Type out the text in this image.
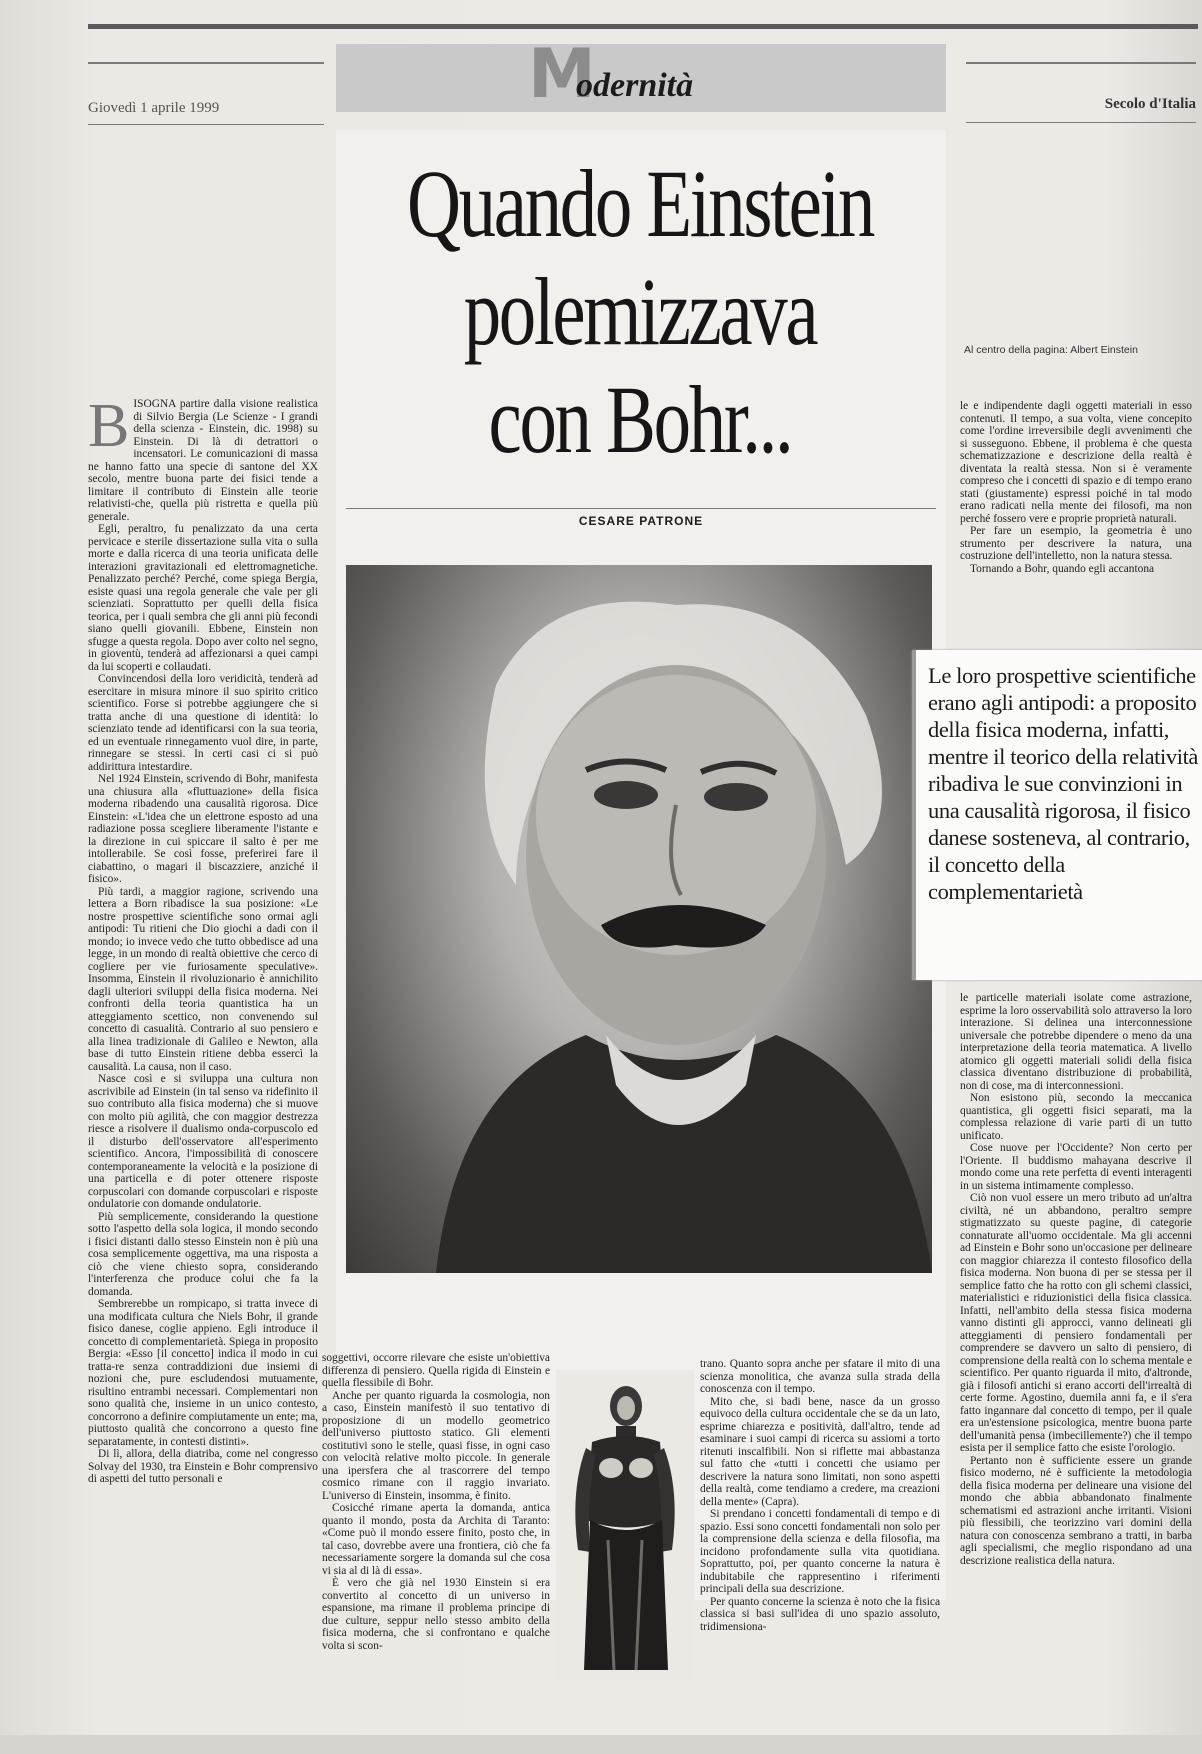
Giovedì 1 aprile 1999	Secolo d'Italia
M
odernità
Quando Einstein
polemizzava
con Bohr...
CESARE PATRONE
Al centro della pagina: Albert Einstein
B ISOGNA partire dalla visione realistica di Silvio Bergia (Le Scienze - I grandi della scienza - Einstein, dic. 1998) su Einstein. Di là di detrattori o incensatori. Le comunicazioni di massa ne hanno fatto una specie di santone del XX secolo, mentre buona parte dei fisici tende a limitare il contributo di Einstein alle teorie relativisti-che, quella più ristretta e quella più generale.

Egli, peraltro, fu penalizzato da una certa pervicace e sterile dissertazione sulla vita o sulla morte e dalla ricerca di una teoria unificata delle interazioni gravitazionali ed elettromagnetiche. Penalizzato perché? Perché, come spiega Bergia, esiste quasi una regola generale che vale per gli scienziati. Soprattutto per quelli della fisica teorica, per i quali sembra che gli anni più fecondi siano quelli giovanili. Ebbene, Einstein non sfugge a questa regola. Dopo aver colto nel segno, in gioventù, tenderà ad affezionarsi a quei campi da lui scoperti e collaudati.

Convincendosi della loro veridicità, tenderà ad esercitare in misura minore il suo spirito critico scientifico. Forse si potrebbe aggiungere che si tratta anche di una questione di identità: lo scienziato tende ad identificarsi con la sua teoria, ed un eventuale rinnegamento vuol dire, in parte, rinnegare se stessi. In certi casi ci si può addirittura intestardire.

Nel 1924 Einstein, scrivendo di Bohr, manifesta una chiusura alla «fluttuazione» della fisica moderna ribadendo una causalità rigorosa. Dice Einstein: «L'idea che un elettrone esposto ad una radiazione possa scegliere liberamente l'istante e la direzione in cui spiccare il salto è per me intollerabile. Se così fosse, preferirei fare il ciabattino, o magari il biscazziere, anziché il fisico».

Più tardi, a maggior ragione, scrivendo una lettera a Born ribadisce la sua posizione: «Le nostre prospettive scientifiche sono ormai agli antipodi: Tu ritieni che Dio giochi a dadi con il mondo; io invece vedo che tutto obbedisce ad una legge, in un mondo di realtà obiettive che cerco di cogliere per vie furiosamente speculative». Insomma, Einstein il rivoluzionario è annichilito dagli ulteriori sviluppi della fisica moderna. Nei confronti della teoria quantistica ha un atteggiamento scettico, non convenendo sul concetto di casualità. Contrario al suo pensiero e alla linea tradizionale di Galileo e Newton, alla base di tutto Einstein ritiene debba essercì la causalità. La causa, non il caso.

Nasce così e si sviluppa una cultura non ascrivibile ad Einstein (in tal senso va ridefinito il suo contributo alla fisica moderna) che si muove con molto più agilità, che con maggior destrezza riesce a risolvere il dualismo onda-corpuscolo ed il disturbo dell'osservatore all'esperimento scientifico. Ancora, l'impossibilità di conoscere contemporaneamente la velocità e la posizione di una particella e di poter ottenere risposte corpuscolari con domande corpuscolari e risposte ondulatorie con domande ondulatorie.

Più semplicemente, considerando la questione sotto l'aspetto della sola logica, il mondo secondo i fisici distanti dallo stesso Einstein non è più una cosa semplicemente oggettiva, ma una risposta a ciò che viene chiesto sopra, considerando l'interferenza che produce colui che fa la domanda.

Sembrerebbe un rompicapo, si tratta invece di una modificata cultura che Niels Bohr, il grande fisico danese, coglie appieno. Egli introduce il concetto di complementarietà. Spiega in proposito Bergia: «Esso [il concetto] indica il modo in cui tratta-re senza contraddizioni due insiemi di nozioni che, pure escludendosi mutuamente, risultino entrambi necessari. Complementari non sono qualità che, insieme in un unico contesto, concorrono a definire compiutamente un ente; ma, piuttosto qualità che concorrono a questo fine separatamente, in contesti distinti».

Di lì, allora, della diatriba, come nel congresso Solvay del 1930, tra Einstein e Bohr comprensivo di aspetti del tutto personali e

le e indipendente dagli oggetti materiali in esso contenuti. Il tempo, a sua volta, viene concepito come l'ordine irreversibile degli avvenimenti che si susseguono. Ebbene, il problema è che questa schematizzazione e descrizione della realtà è diventata la realtà stessa. Non si è veramente compreso che i concetti di spazio e di tempo erano stati (giustamente) espressi poiché in tal modo erano radicati nella mente dei filosofi, ma non perché fossero vere e proprie proprietà naturali.

Per fare un esempio, la geometria è uno strumento per descrivere la natura, una costruzione dell'intelletto, non la natura stessa.

Tornando a Bohr, quando egli accantona

Le loro prospettive scientifiche erano agli antipodi: a proposito della fisica moderna, infatti, mentre il teorico della relatività ribadiva le sue convinzioni in una causalità rigorosa, il fisico danese sosteneva, al contrario, il concetto della complementarietà

le particelle materiali isolate come astrazione, esprime la loro osservabilità solo attraverso la loro interazione. Si delinea una interconnessione universale che potrebbe dipendere o meno da una interpretazione della teoria matematica. A livello atomico gli oggetti materiali solidi della fisica classica diventano distribuzione di probabilità, non di cose, ma di interconnessioni.

Non esistono più, secondo la meccanica quantistica, gli oggetti fisici separati, ma la complessa relazione di varie parti di un tutto unificato.

Cose nuove per l'Occidente? Non certo per l'Oriente. Il buddismo mahayana descrive il mondo come una rete perfetta di eventi interagenti in un sistema intimamente complesso.

Ciò non vuol essere un mero tributo ad un'altra civiltà, né un abbandono, peraltro sempre stigmatizzato su queste pagine, di categorie connaturate all'uomo occidentale. Ma gli accenni ad Einstein e Bohr sono un'occasione per delineare con maggior chiarezza il contesto filosofico della fisica moderna. Non buona di per se stessa per il semplice fatto che ha rotto con gli schemi classici, materialistici e riduzionistici della fisica classica. Infatti, nell'ambito della stessa fisica moderna vanno distinti gli approcci, vanno delineati gli atteggiamenti di pensiero fondamentali per comprendere se davvero un salto di pensiero, di comprensione della realtà con lo schema mentale e scientifico. Per quanto riguarda il mito, d'altronde, già i filosofi antichi si erano accorti dell'irrealtà di certe forme. Agostino, duemila anni fa, e il s'era fatto ingannare dal concetto di tempo, per il quale era un'estensione psicologica, mentre buona parte dell'umanità pensa (imbecillemente?) che il tempo esista per il semplice fatto che esiste l'orologio.

Pertanto non è sufficiente essere un grande fisico moderno, né è sufficiente la metodologia della fisica moderna per delineare una visione del mondo che abbia abbandonato finalmente schematismi ed astrazioni anche irritanti. Visioni più flessibili, che teorizzino vari domini della natura con conoscenza sembrano a tratti, in barba agli specialismi, che meglio rispondano ad una descrizione realistica della natura.

soggettivi, occorre rilevare che esiste un'obiettiva differenza di pensiero. Quella rigida di Einstein e quella flessibile di Bohr.

Anche per quanto riguarda la cosmologia, non a caso, Einstein manifestò il suo tentativo di proposizione di un modello geometrico dell'universo piuttosto statico. Gli elementi costitutivi sono le stelle, quasi fisse, in ogni caso con velocità relative molto piccole. In generale una ipersfera che al trascorrere del tempo cosmico rimane con il raggio invariato. L'universo di Einstein, insomma, è finito.

Cosicché rimane aperta la domanda, antica quanto il mondo, posta da Archita di Taranto: «Come può il mondo essere finito, posto che, in tal caso, dovrebbe avere una frontiera, ciò che fa necessariamente sorgere la domanda sul che cosa vi sia al di là di essa».

È vero che già nel 1930 Einstein si era convertito al concetto di un universo in espansione, ma rimane il problema principe di due culture, seppur nello stesso ambito della fisica moderna, che si confrontano e qualche volta si scon-

trano. Quanto sopra anche per sfatare il mito di una scienza monolitica, che avanza sulla strada della conoscenza con il tempo.

Mito che, si badi bene, nasce da un grosso equivoco della cultura occidentale che se da un lato, esprime chiarezza e positività, dall'altro, tende ad esaminare i suoi campi di ricerca su assiomi a torto ritenuti inscalfibili. Non si riflette mai abbastanza sul fatto che «tutti i concetti che usiamo per descrivere la natura sono limitati, non sono aspetti della realtà, come tendiamo a credere, ma creazioni della mente» (Capra).

Si prendano i concetti fondamentali di tempo e di spazio. Essi sono concetti fondamentali non solo per la comprensione della scienza e della filosofia, ma incidono profondamente sulla vita quotidiana. Soprattutto, poi, per quanto concerne la natura è indubitabile che rappresentino i riferimenti principali della sua descrizione.

Per quanto concerne la scienza è noto che la fisica classica si basi sull'idea di uno spazio assoluto, tridimensiona-
